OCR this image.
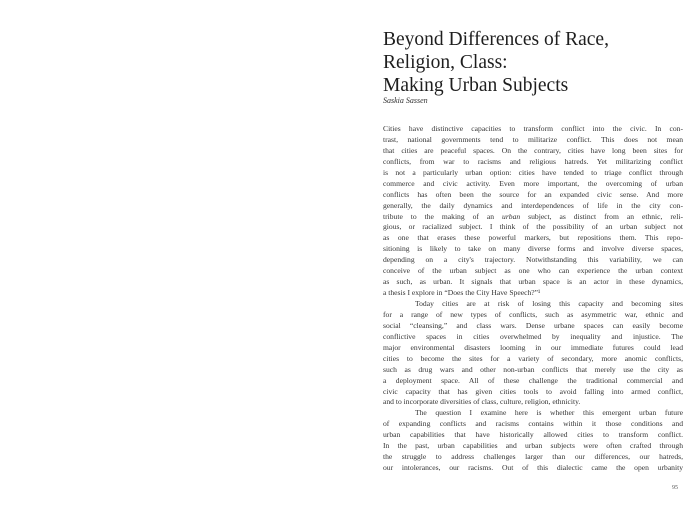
Beyond Differences of Race,
Religion, Class:
Making Urban Subjects

Saskia Sassen

Cities have distinctive capacities to transform conflict into the civic. In con-
trast, national governments tend to militarize conflict. This does not mean
that cities are peaceful spaces. On the contrary, cities have long been sites for
conflicts, from war to racisms and religious hatreds. Yet militarizing conflict
is not a particularly urban option: cities have tended to triage conflict through
commerce and civic activity. Even more important, the overcoming of urban
conflicts has often been the source for an expanded civic sense. And more
generally, the daily dynamics and interdependences of life in the city con-
tribute to the making of an urban subject, as distinct from an ethnic, reli-
gious, or racialized subject. I think of the possibility of an urban subject not
as one that erases these powerful markers, but repositions them. This repo-
sitioning is likely to take on many diverse forms and involve diverse spaces,
depending on a city's trajectory. Notwithstanding this variability, we can
conceive of the urban subject as one who can experience the urban context
as such, as urban. It signals that urban space is an actor in these dynamics,
a thesis I explore in “Does the City Have Speech?”¹
Today cities are at risk of losing this capacity and becoming sites
for a range of new types of conflicts, such as asymmetric war, ethnic and
social “cleansing,” and class wars. Dense urbane spaces can easily become
conflictive spaces in cities overwhelmed by inequality and injustice. The
major environmental disasters looming in our immediate futures could lead
cities to become the sites for a variety of secondary, more anomic conflicts,
such as drug wars and other non-urban conflicts that merely use the city as
a deployment space. All of these challenge the traditional commercial and
civic capacity that has given cities tools to avoid falling into armed conflict,
and to incorporate diversities of class, culture, religion, ethnicity.
The question I examine here is whether this emergent urban future
of expanding conflicts and racisms contains within it those conditions and
urban capabilities that have historically allowed cities to transform conflict.
In the past, urban capabilities and urban subjects were often crafted through
the struggle to address challenges larger than our differences, our hatreds,
our intolerances, our racisms. Out of this dialectic came the open urbanity
95
